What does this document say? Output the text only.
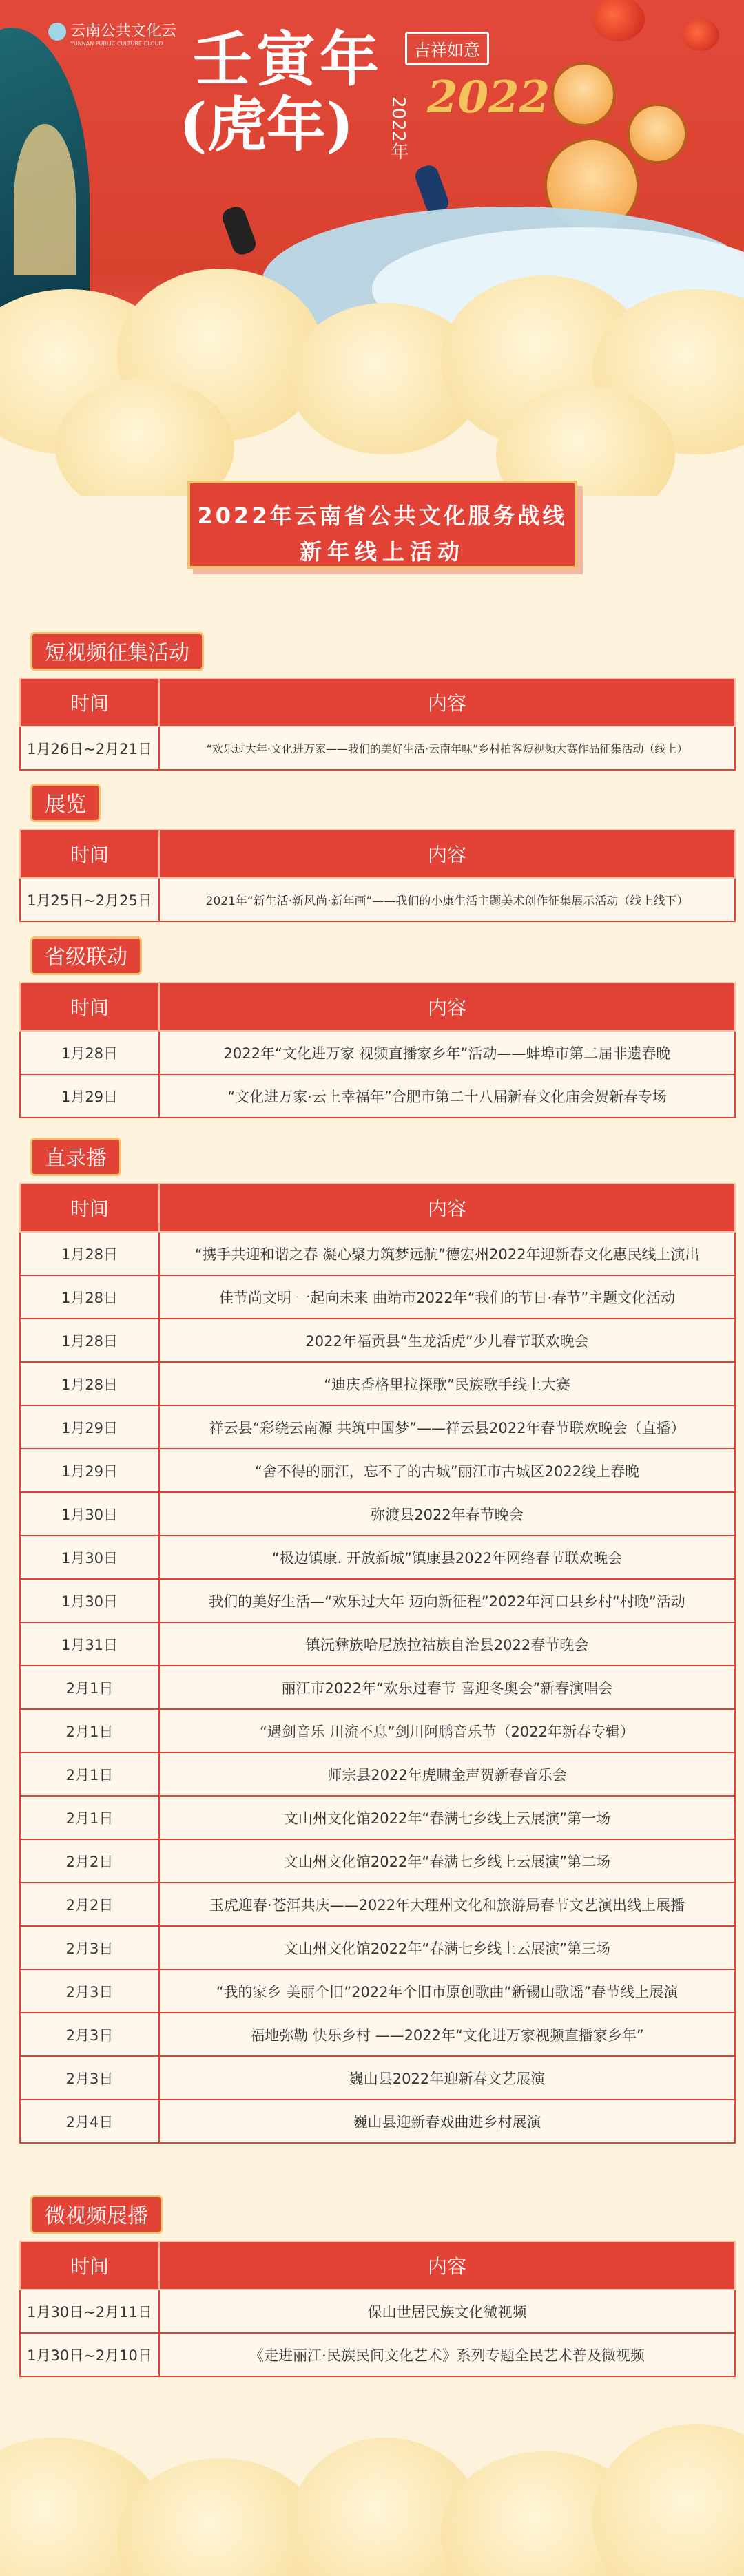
云南公共文化云
YUNNAN PUBLIC CULTURE CLOUD 壬寅年
(虎年)	2022年
吉祥如意
2022
2022年云南省公共文化服务战线
新年线上活动
短视频征集活动
时间	内容
1月26日~2月21日	“欢乐过大年·文化进万家——我们的美好生活·云南年味”乡村拍客短视频大赛作品征集活动（线上）
展览
时间	内容
1月25日~2月25日	2021年“新生活·新风尚·新年画”——我们的小康生活主题美术创作征集展示活动（线上线下）
省级联动
时间	内容
1月28日	2022年“文化进万家 视频直播家乡年”活动——蚌埠市第二届非遗春晚
1月29日	“文化进万家·云上幸福年”合肥市第二十八届新春文化庙会贺新春专场
直录播
时间	内容
1月28日	“携手共迎和谐之春 凝心聚力筑梦远航”德宏州2022年迎新春文化惠民线上演出
1月28日	佳节尚文明 一起向未来 曲靖市2022年“我们的节日·春节”主题文化活动
1月28日	2022年福贡县“生龙活虎”少儿春节联欢晚会
1月28日	“迪庆香格里拉探歌”民族歌手线上大赛
1月29日	祥云县“彩绕云南源 共筑中国梦”——祥云县2022年春节联欢晚会（直播）
1月29日	“舍不得的丽江，忘不了的古城”丽江市古城区2022线上春晚
1月30日	弥渡县2022年春节晚会
1月30日	“极边镇康. 开放新城”镇康县2022年网络春节联欢晚会
1月30日	我们的美好生活—“欢乐过大年 迈向新征程”2022年河口县乡村“村晚”活动
1月31日	镇沅彝族哈尼族拉祜族自治县2022春节晚会
2月1日	丽江市2022年“欢乐过春节 喜迎冬奥会”新春演唱会
2月1日	“遇剑音乐 川流不息”剑川阿鹏音乐节（2022年新春专辑）
2月1日	师宗县2022年虎啸金声贺新春音乐会
2月1日	文山州文化馆2022年“春满七乡线上云展演”第一场
2月2日	文山州文化馆2022年“春满七乡线上云展演”第二场
2月2日	玉虎迎春·苍洱共庆——2022年大理州文化和旅游局春节文艺演出线上展播
2月3日	文山州文化馆2022年“春满七乡线上云展演”第三场
2月3日	“我的家乡 美丽个旧”2022年个旧市原创歌曲“新锡山歌谣”春节线上展演
2月3日	福地弥勒 快乐乡村 ——2022年“文化进万家视频直播家乡年”
2月3日	巍山县2022年迎新春文艺展演
2月4日	巍山县迎新春戏曲进乡村展演
微视频展播
时间	内容
1月30日~2月11日	保山世居民族文化微视频
1月30日~2月10日	《走进丽江·民族民间文化艺术》系列专题全民艺术普及微视频
